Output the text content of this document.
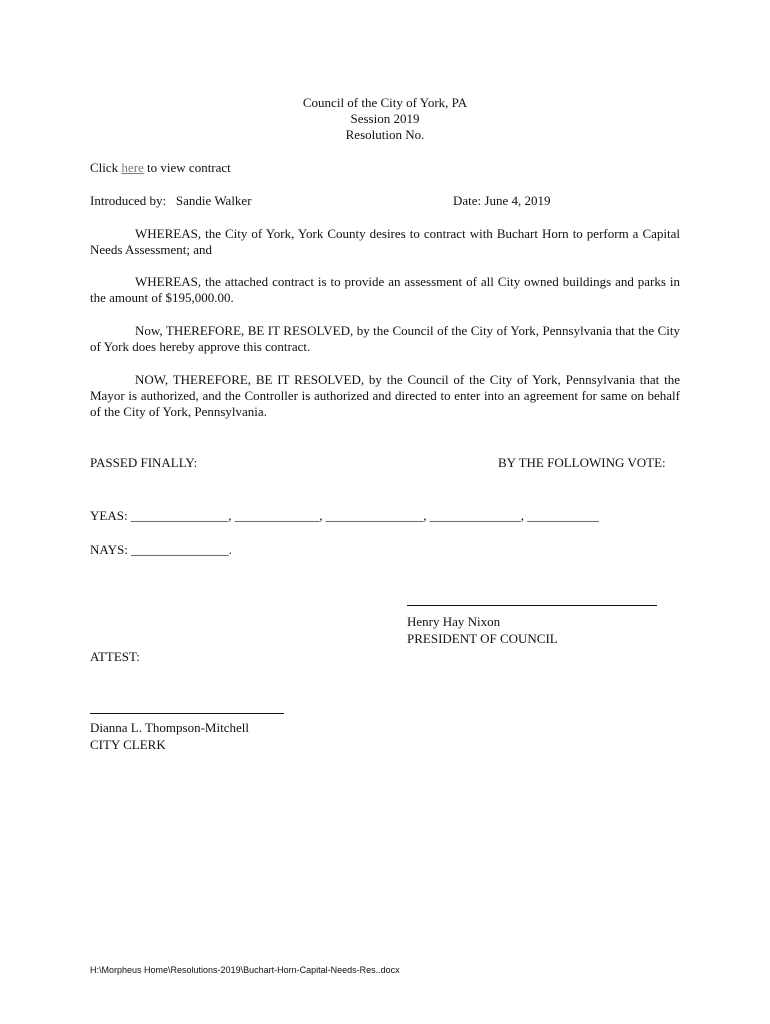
Council of the City of York, PA
Session 2019
Resolution No.
Click here to view contract
Introduced by: Sandie Walker	Date: June 4, 2019
WHEREAS, the City of York, York County desires to contract with Buchart Horn to perform a Capital Needs Assessment; and
WHEREAS, the attached contract is to provide an assessment of all City owned buildings and parks in the amount of $195,000.00.
Now, THEREFORE, BE IT RESOLVED, by the Council of the City of York, Pennsylvania that the City of York does hereby approve this contract.
NOW, THEREFORE, BE IT RESOLVED, by the Council of the City of York, Pennsylvania that the Mayor is authorized, and the Controller is authorized and directed to enter into an agreement for same on behalf of the City of York, Pennsylvania.
PASSED FINALLY:	BY THE FOLLOWING VOTE:
YEAS: _______________, _____________, _______________, ______________, ___________
NAYS: _______________.
Henry Hay Nixon
PRESIDENT OF COUNCIL
ATTEST:
Dianna L. Thompson-Mitchell
CITY CLERK
H:\Morpheus Home\Resolutions-2019\Buchart-Horn-Capital-Needs-Res..docx
